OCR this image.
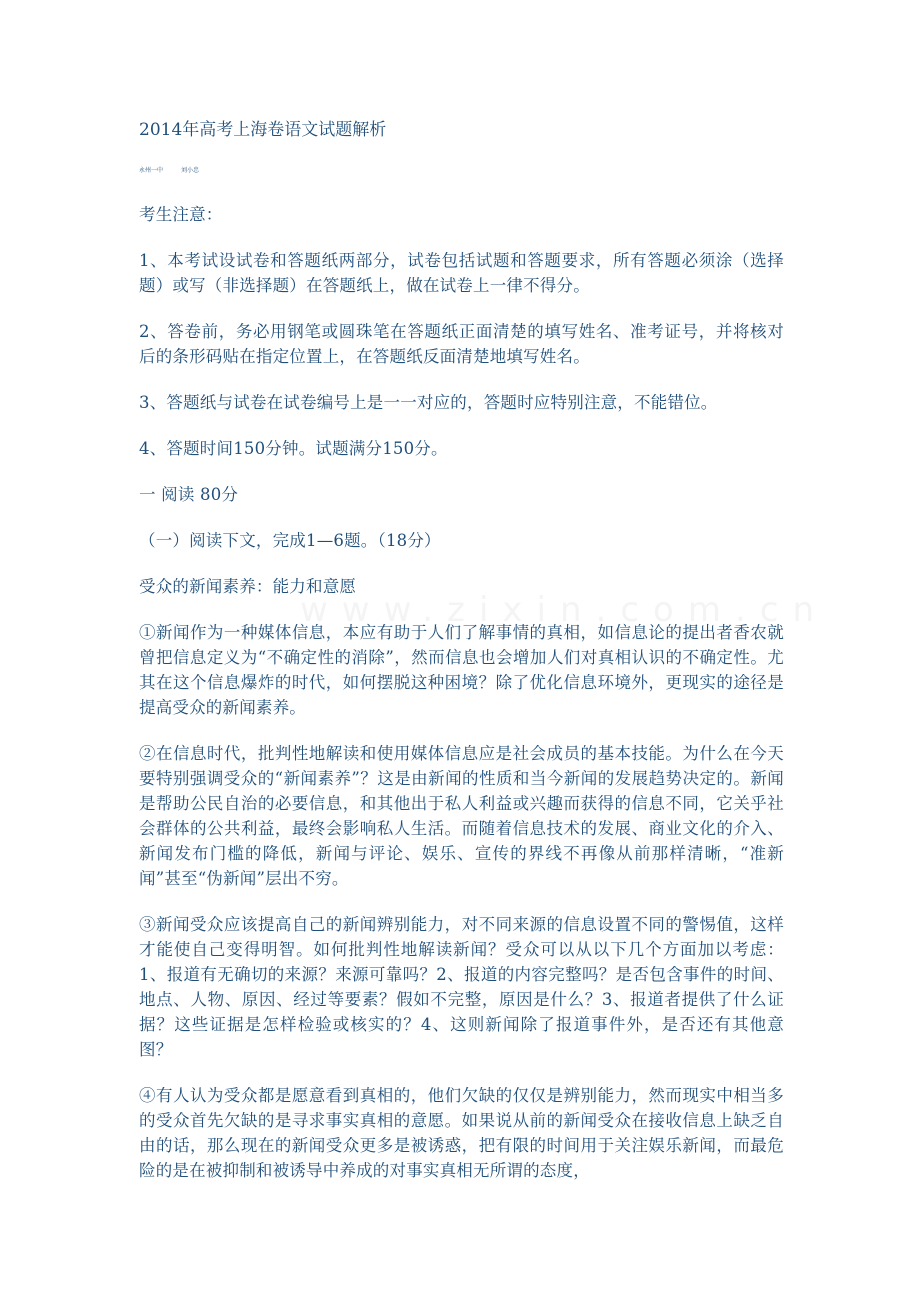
2014年高考上海卷语文试题解析
永州一中	刘小忠
www.zixin.com.cn

考生注意：

1、本考试设试卷和答题纸两部分，试卷包括试题和答题要求，所有答题必须涂（选择题）或写（非选择题）在答题纸上，做在试卷上一律不得分。

2、答卷前，务必用钢笔或圆珠笔在答题纸正面清楚的填写姓名、准考证号，并将核对后的条形码贴在指定位置上，在答题纸反面清楚地填写姓名。

3、答题纸与试卷在试卷编号上是一一对应的，答题时应特别注意，不能错位。

4、答题时间150分钟。试题满分150分。

一 阅读 80分

（一）阅读下文，完成1—6题。（18分）

受众的新闻素养：能力和意愿

①新闻作为一种媒体信息，本应有助于人们了解事情的真相，如信息论的提出者香农就曾把信息定义为“不确定性的消除”，然而信息也会增加人们对真相认识的不确定性。尤其在这个信息爆炸的时代，如何摆脱这种困境？除了优化信息环境外，更现实的途径是提高受众的新闻素养。

②在信息时代，批判性地解读和使用媒体信息应是社会成员的基本技能。为什么在今天要特别强调受众的“新闻素养”？这是由新闻的性质和当今新闻的发展趋势决定的。新闻是帮助公民自治的必要信息，和其他出于私人利益或兴趣而获得的信息不同，它关乎社会群体的公共利益，最终会影响私人生活。而随着信息技术的发展、商业文化的介入、新闻发布门槛的降低，新闻与评论、娱乐、宣传的界线不再像从前那样清晰，“准新闻”甚至“伪新闻”层出不穷。

③新闻受众应该提高自己的新闻辨别能力，对不同来源的信息设置不同的警惕值，这样才能使自己变得明智。如何批判性地解读新闻？受众可以从以下几个方面加以考虑：1、报道有无确切的来源？来源可靠吗？2、报道的内容完整吗？是否包含事件的时间、地点、人物、原因、经过等要素？假如不完整，原因是什么？3、报道者提供了什么证据？这些证据是怎样检验或核实的？4、这则新闻除了报道事件外，是否还有其他意图？

④有人认为受众都是愿意看到真相的，他们欠缺的仅仅是辨别能力，然而现实中相当多的受众首先欠缺的是寻求事实真相的意愿。如果说从前的新闻受众在接收信息上缺乏自由的话，那么现在的新闻受众更多是被诱惑，把有限的时间用于关注娱乐新闻，而最危险的是在被抑制和被诱导中养成的对事实真相无所谓的态度，
